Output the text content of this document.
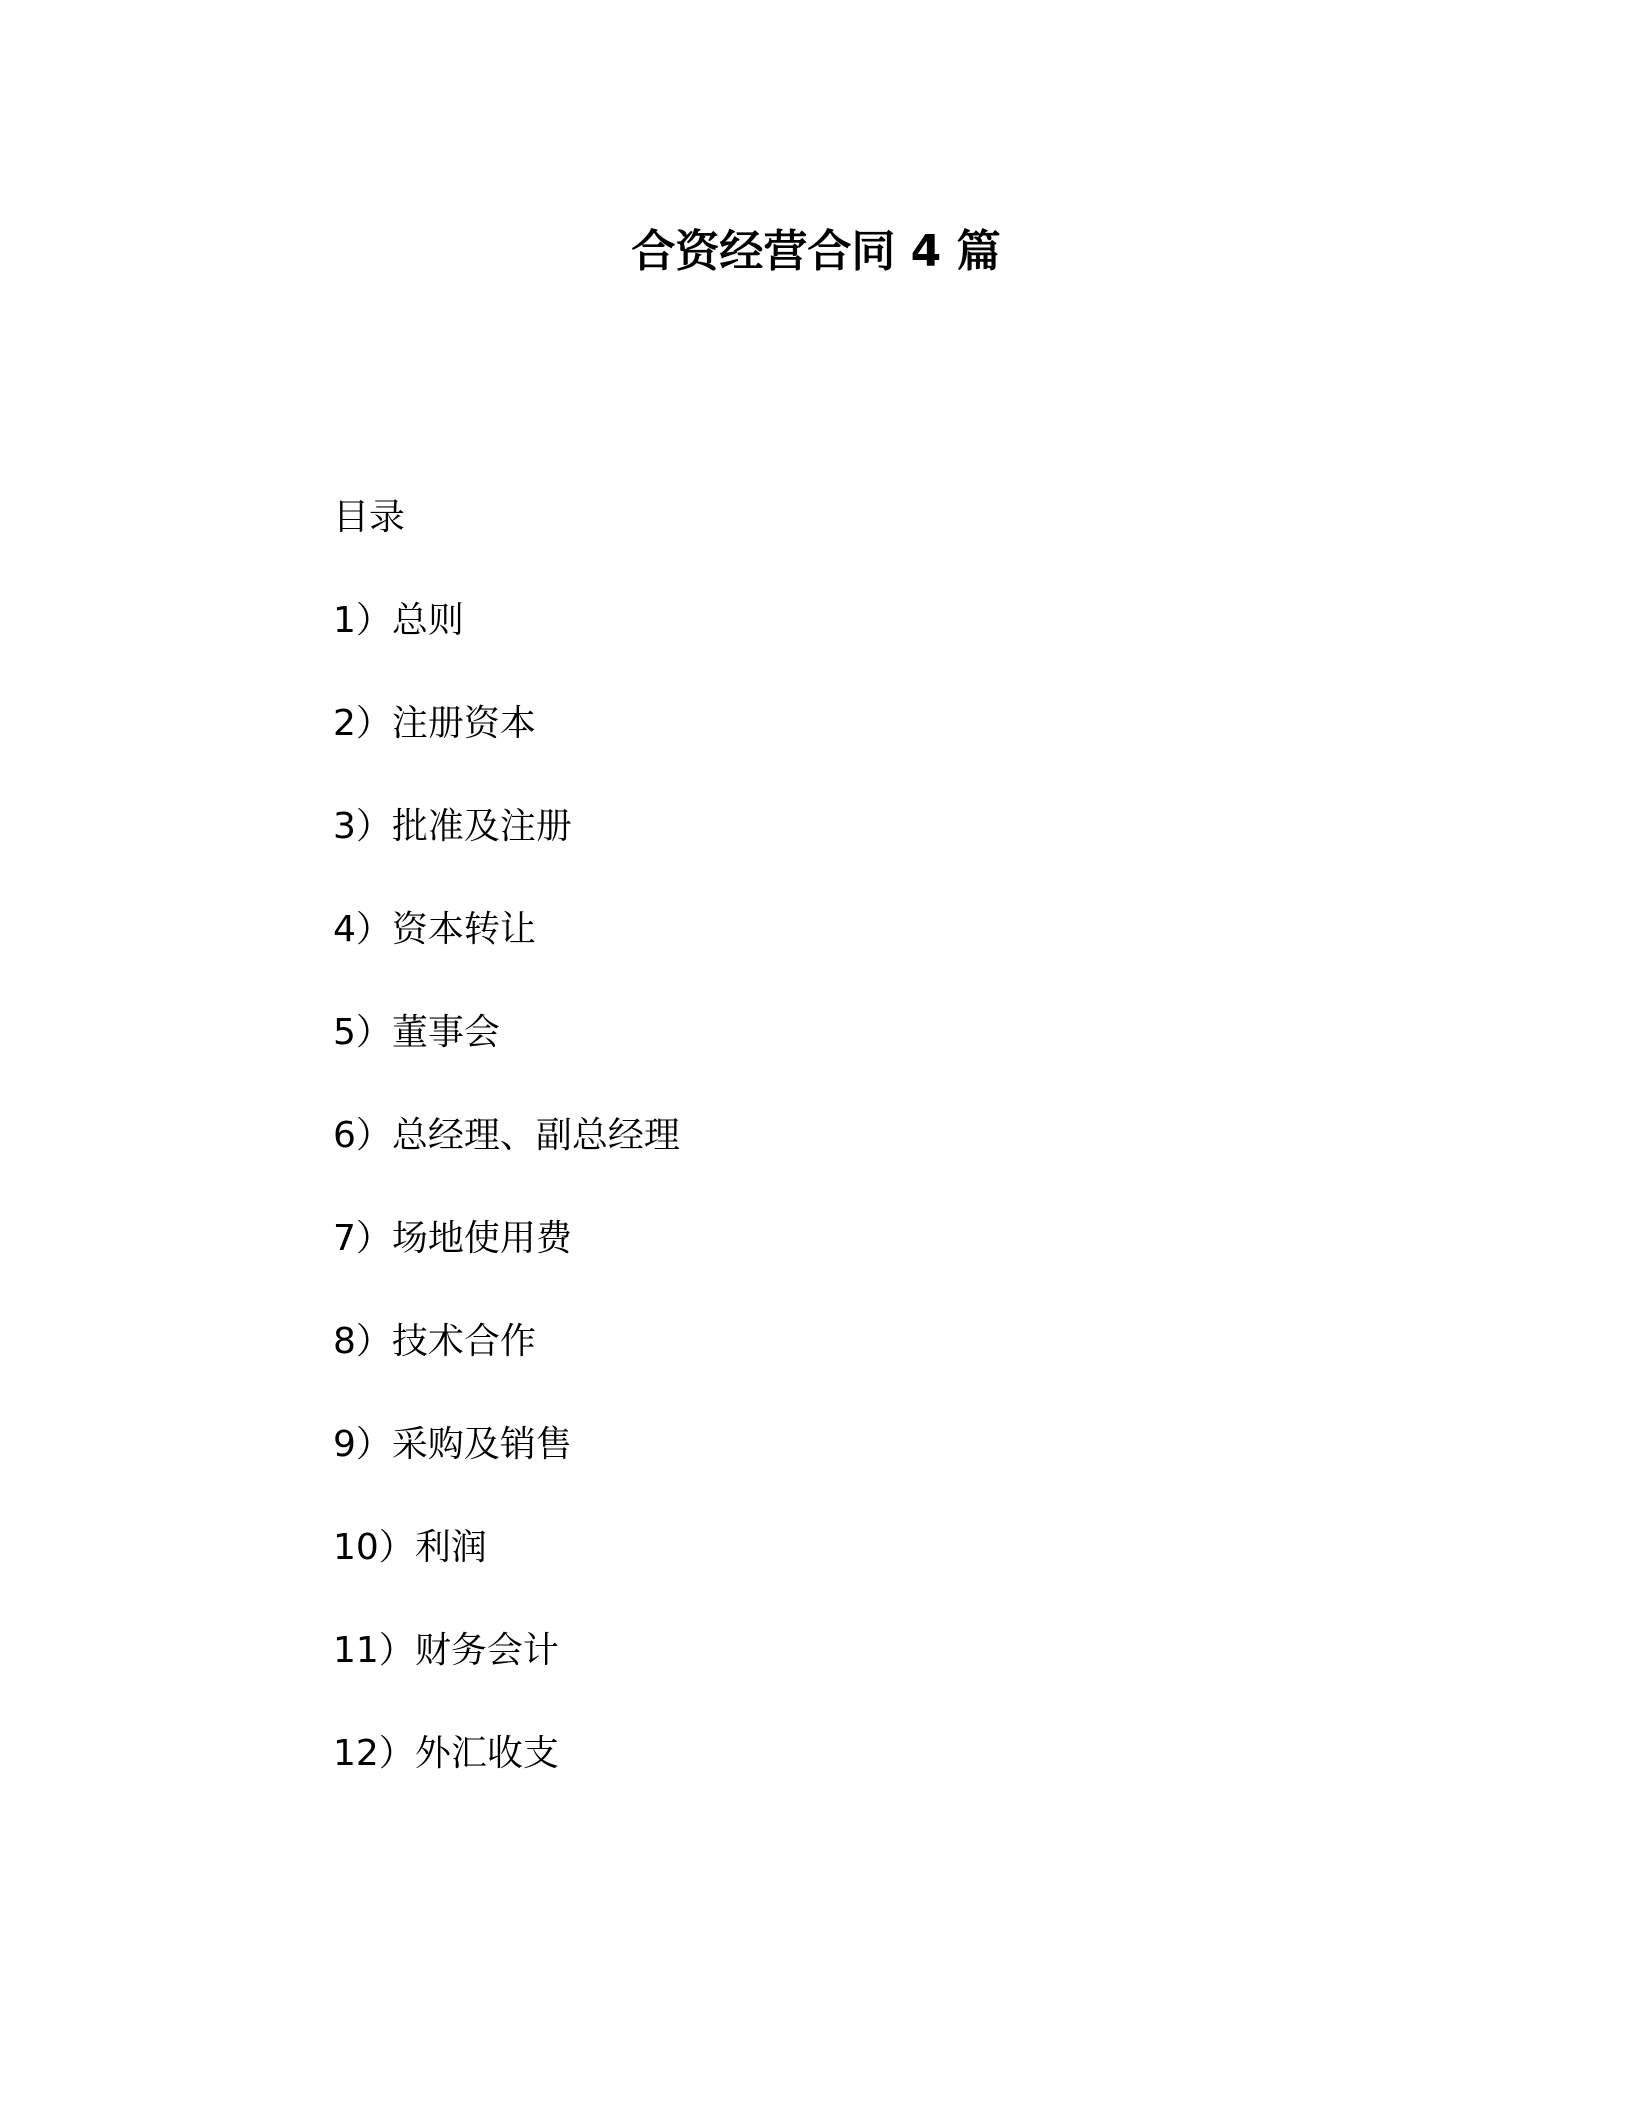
合资经营合同 4 篇
目录
1）总则
2）注册资本
3）批准及注册
4）资本转让
5）董事会
6）总经理、副总经理
7）场地使用费
8）技术合作
9）采购及销售
10）利润
11）财务会计
12）外汇收支
